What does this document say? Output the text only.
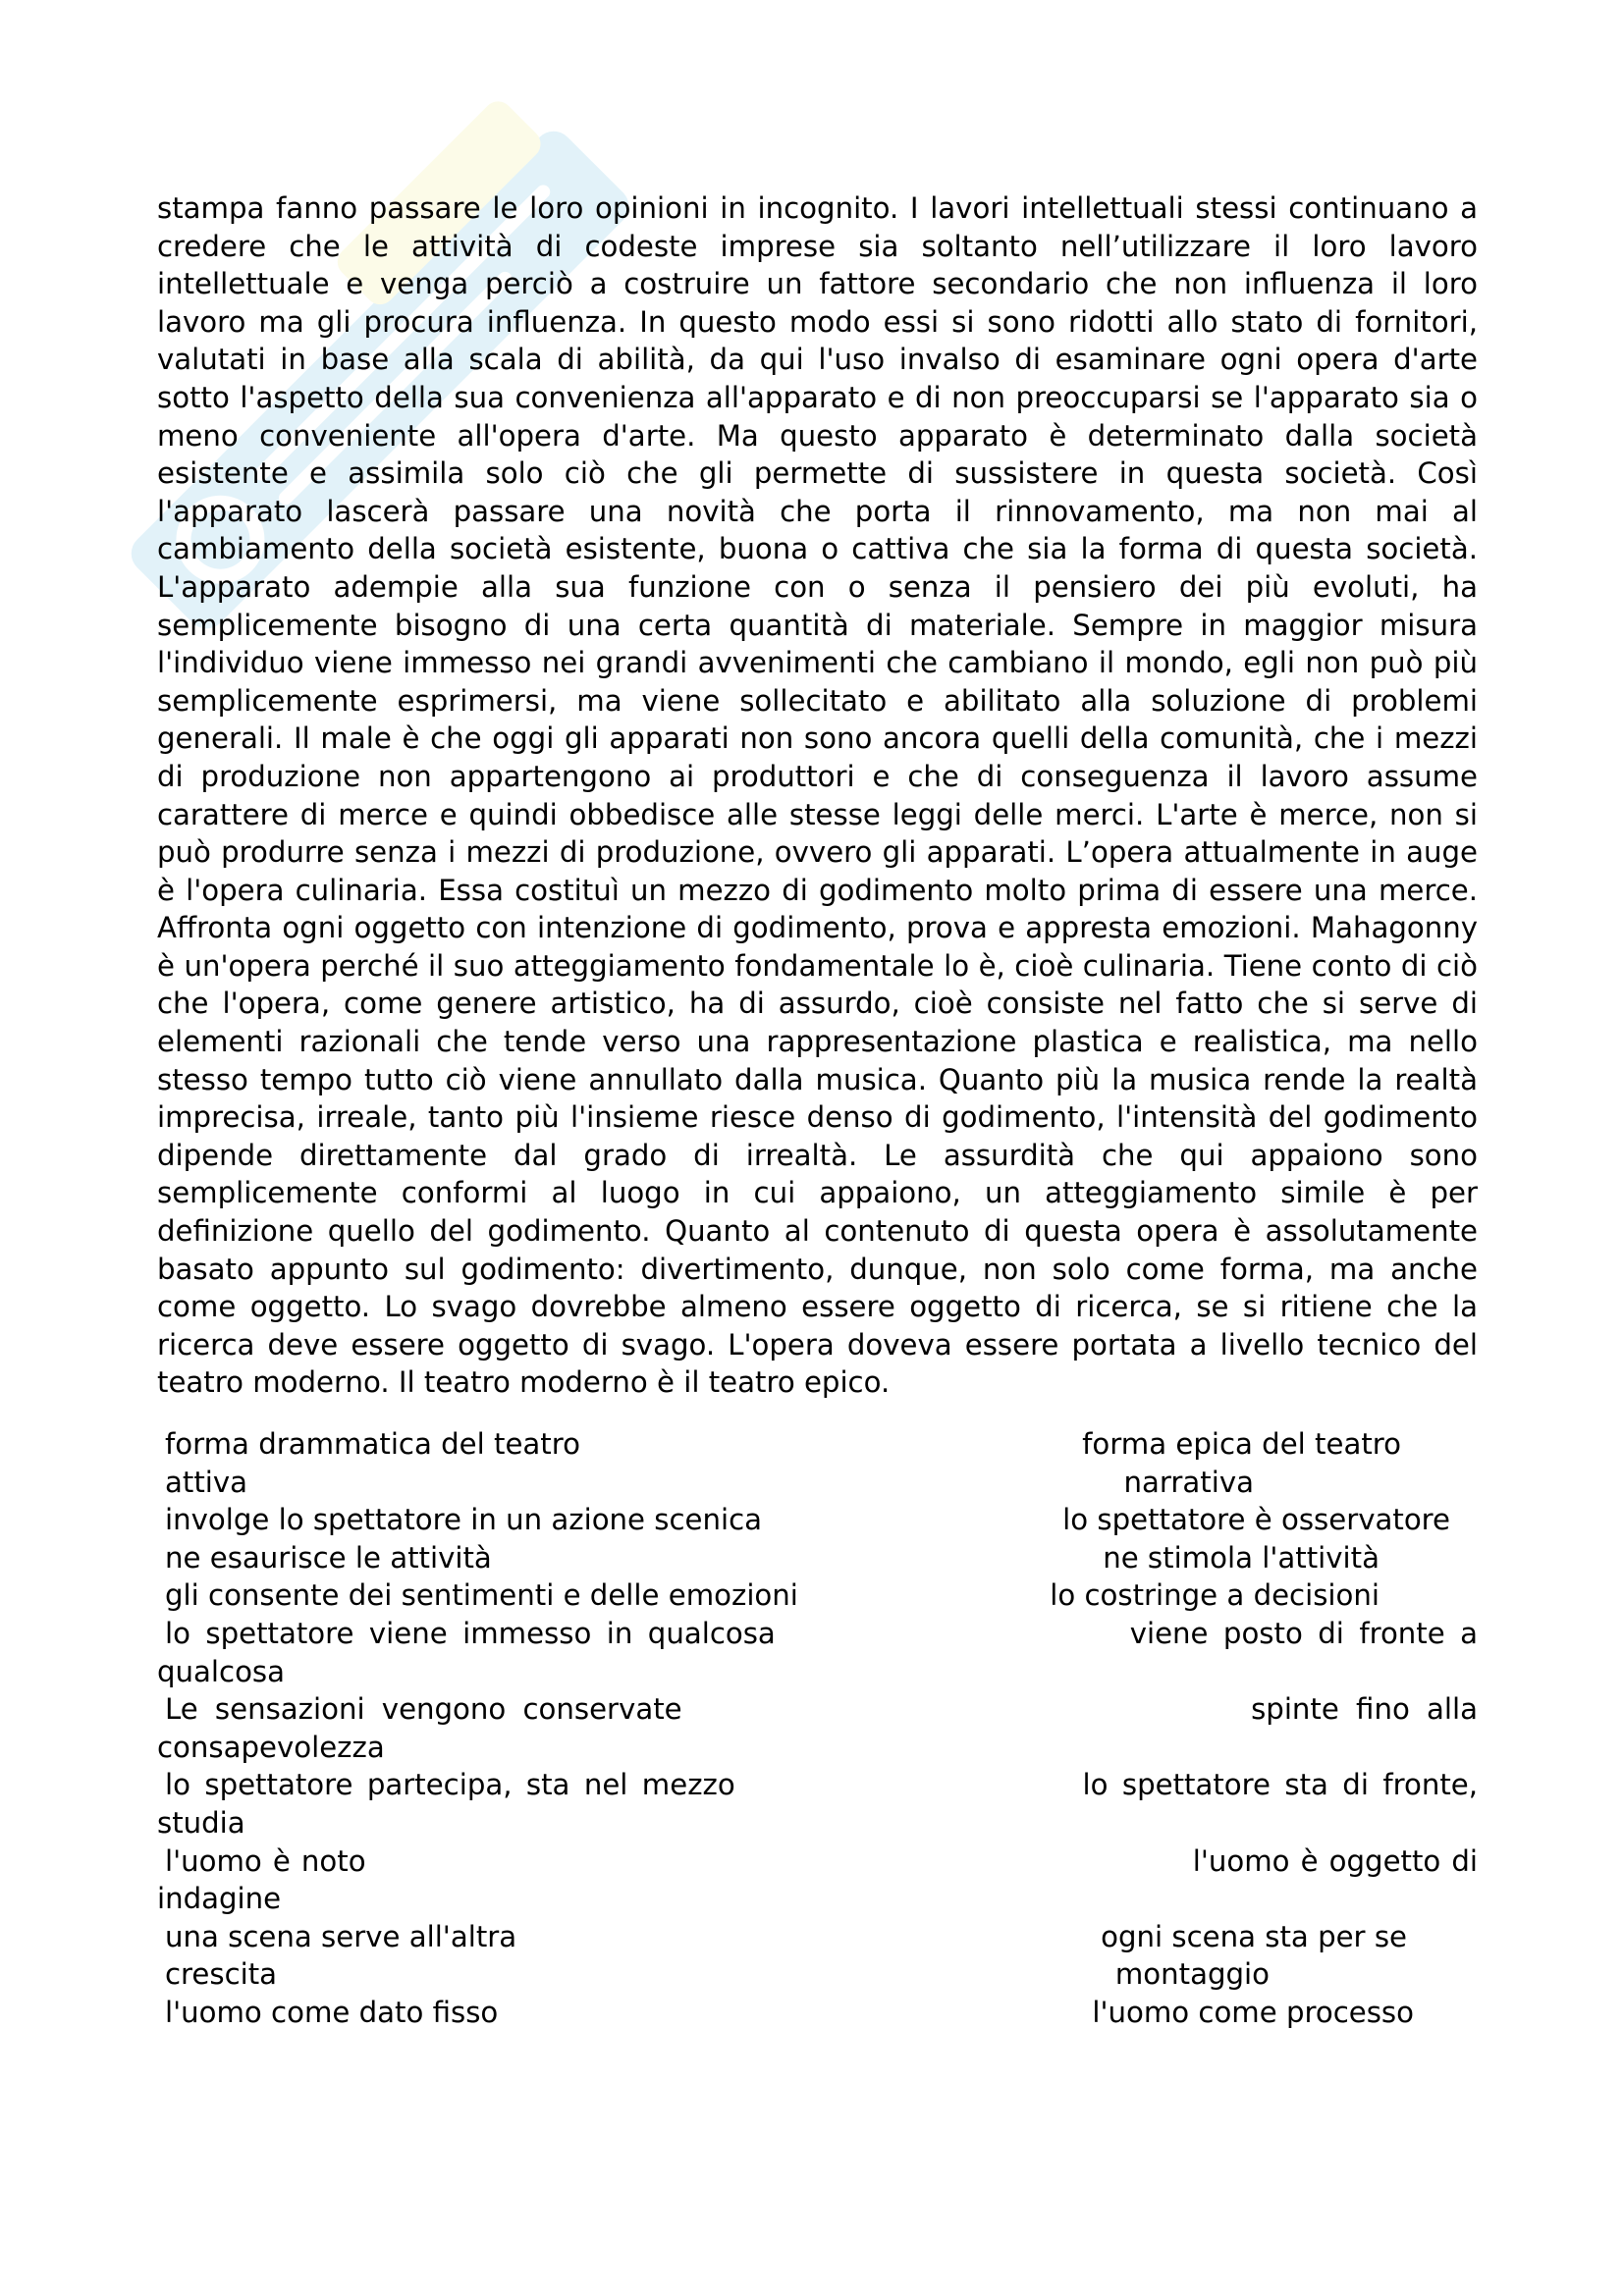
stampa fanno passare le loro opinioni in incognito. I lavori intellettuali stessi continuano a credere che le attività di codeste imprese sia soltanto nell’utilizzare il loro lavoro intellettuale e venga perciò a costruire un fattore secondario che non influenza il loro lavoro ma gli procura influenza. In questo modo essi si sono ridotti allo stato di fornitori, valutati in base alla scala di abilità, da qui l'uso invalso di esaminare ogni opera d'arte sotto l'aspetto della sua convenienza all'apparato e di non preoccuparsi se l'apparato sia o meno conveniente all'opera d'arte. Ma questo apparato è determinato dalla società esistente e assimila solo ciò che gli permette di sussistere in questa società. Così l'apparato lascerà passare una novità che porta il rinnovamento, ma non mai al cambiamento della società esistente, buona o cattiva che sia la forma di questa società. L'apparato adempie alla sua funzione con o senza il pensiero dei più evoluti, ha semplicemente bisogno di una certa quantità di materiale. Sempre in maggior misura l'individuo viene immesso nei grandi avvenimenti che cambiano il mondo, egli non può più semplicemente esprimersi, ma viene sollecitato e abilitato alla soluzione di problemi generali. Il male è che oggi gli apparati non sono ancora quelli della comunità, che i mezzi di produzione non appartengono ai produttori e che di conseguenza il lavoro assume carattere di merce e quindi obbedisce alle stesse leggi delle merci. L'arte è merce, non si può produrre senza i mezzi di produzione, ovvero gli apparati. L’opera attualmente in auge è l'opera culinaria. Essa costituì un mezzo di godimento molto prima di essere una merce. Affronta ogni oggetto con intenzione di godimento, prova e appresta emozioni. Mahagonny è un'opera perché il suo atteggiamento fondamentale lo è, cioè culinaria. Tiene conto di ciò che l'opera, come genere artistico, ha di assurdo, cioè consiste nel fatto che si serve di elementi razionali che tende verso una rappresentazione plastica e realistica, ma nello stesso tempo tutto ciò viene annullato dalla musica. Quanto più la musica rende la realtà imprecisa, irreale, tanto più l'insieme riesce denso di godimento, l'intensità del godimento dipende direttamente dal grado di irrealtà. Le assurdità che qui appaiono sono semplicemente conformi al luogo in cui appaiono, un atteggiamento simile è per definizione quello del godimento. Quanto al contenuto di questa opera è assolutamente basato appunto sul godimento: divertimento, dunque, non solo come forma, ma anche come oggetto. Lo svago dovrebbe almeno essere oggetto di ricerca, se si ritiene che la ricerca deve essere oggetto di svago. L'opera doveva essere portata a livello tecnico del teatro moderno. Il teatro moderno è il teatro epico.

forma drammatica del teatro	forma epica del teatro
attiva	narrativa
involge lo spettatore in un azione scenica	lo spettatore è osservatore
ne esaurisce le attività	ne stimola l'attività
gli consente dei sentimenti e delle emozioni	lo costringe a decisioni
lo spettatore viene immesso in qualcosa	viene posto di fronte a qualcosa
Le sensazioni vengono conservate	spinte fino alla consapevolezza
lo spettatore partecipa, sta nel mezzo	lo spettatore sta di fronte, studia
l'uomo è noto	l'uomo è oggetto di indagine
una scena serve all'altra	ogni scena sta per se
crescita	montaggio
l'uomo come dato fisso	l'uomo come processo
